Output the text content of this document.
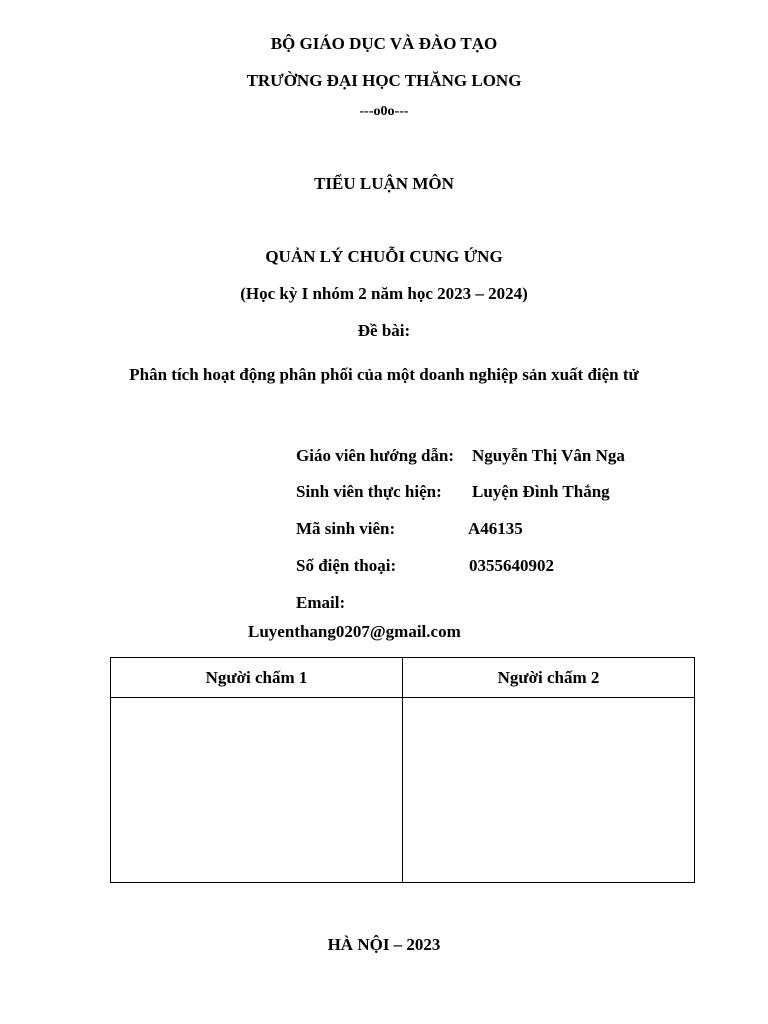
BỘ GIÁO DỤC VÀ ĐÀO TẠO
TRƯỜNG ĐẠI HỌC THĂNG LONG
---o0o---
TIỂU LUẬN MÔN
QUẢN LÝ CHUỖI CUNG ỨNG
(Học kỳ I nhóm 2 năm học 2023 – 2024)
Đề bài:
Phân tích hoạt động phân phối của một doanh nghiệp sản xuất điện tử
Giáo viên hướng dẫn: Nguyễn Thị Vân Nga
Sinh viên thực hiện: Luyện Đình Thắng
Mã sinh viên:	A46135
Số điện thoại:	0355640902
Email:
Luyenthang0207@gmail.com
Người chấm 1	Người chấm 2

HÀ NỘI – 2023
